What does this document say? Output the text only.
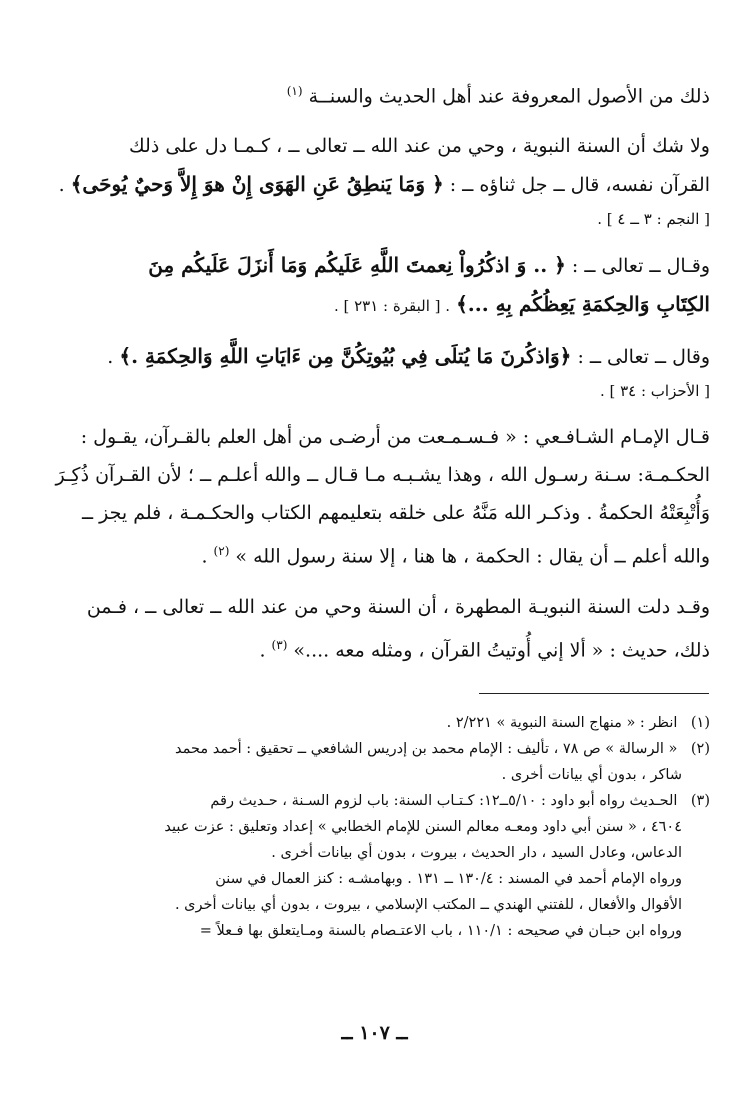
ذلك من الأصول المعروفة عند أهل الحديث والسنــة $^{(١)}$
ولا شك أن السنة النبوية ، وحي من عند الله ــ تعالى ــ ، كـمـا دل على ذلك
القرآن نفسه، قال ــ جل ثناؤه ــ : ﴿ وَمَا يَنطِقُ عَنِ الهَوَى إِنْ هوَ إِلاَّ وَحيٌ يُوحَى﴾ .
[ النجم : ٣ ــ ٤ ] .
وقـال ــ تعالى ــ : ﴿ .. وَ اذكُرُواْ نِعمتَ اللَّهِ عَلَيكُم وَمَا أَنزَلَ عَلَيكُم مِنَ
الكِتَابِ وَالحِكمَةِ يَعِظُكُم بِهِ ...﴾ . [ البقرة : ٢٣١ ] .
وقال ــ تعالى ــ : ﴿وَاذكُرنَ مَا يُتلَى فِي بُيُوتِكُنَّ مِن ءَايَاتِ اللَّهِ وَالحِكمَةِ .﴾ .
[ الأحزاب : ٣٤ ] .
قـال الإمـام الشـافـعي : « فـسـمـعت من أرضـى من أهل العلم بالقـرآن، يقـول :
الحكـمـة: سـنة رسـول الله ، وهذا يشـبـه مـا قـال ــ والله أعلـم ــ ؛ لأن القـرآن ذُكِـرَ
وَأُتْبِعَتْهُ الحكمةُ . وذكـر الله مَنَّهُ على خلقه بتعليمهم الكتاب والحكـمـة ، فلم يجز ــ
والله أعلم ــ أن يقال : الحكمة ، ها هنا ، إلا سنة رسول الله » $^{(٢)}$ .
وقـد دلت السنة النبويـة المطهرة ، أن السنة وحي من عند الله ــ تعالى ــ ، فـمن
ذلك، حديث : « ألا إني أُوتيتُ القرآن ، ومثله معه ....» $^{(٣)}$ .
(١) انظر : « منهاج السنة النبوية » ٢/٢٢١ .
(٢) « الرسالة » ص ٧٨ ، تأليف : الإمام محمد بن إدريس الشافعي ــ تحقيق : أحمد محمد
شاكر ، بدون أي بيانات أخرى .
(٣) الحـديث رواه أبو داود : ٥/١٠ــ١٢: كـتـاب السنة: باب لزوم السـنة ، حـديث رقم
٤٦٠٤ ، « سنن أبي داود ومعـه معالم السنن للإمام الخطابي » إعداد وتعليق : عزت عبيد
الدعاس، وعادل السيد ، دار الحديث ، بيروت ، بدون أي بيانات أخرى .
ورواه الإمام أحمد في المسند : ١٣٠/٤ ــ ١٣١ . وبهامشـه : كنز العمال في سنن
الأقوال والأفعال ، للفتني الهندي ــ المكتب الإسلامي ، بيروت ، بدون أي بيانات أخرى .
ورواه ابن حبـان في صحيحه : ١١٠/١ ، باب الاعتـصام بالسنة ومـايتعلق بها فـعلاً =
ــ ١٠٧ ــ
